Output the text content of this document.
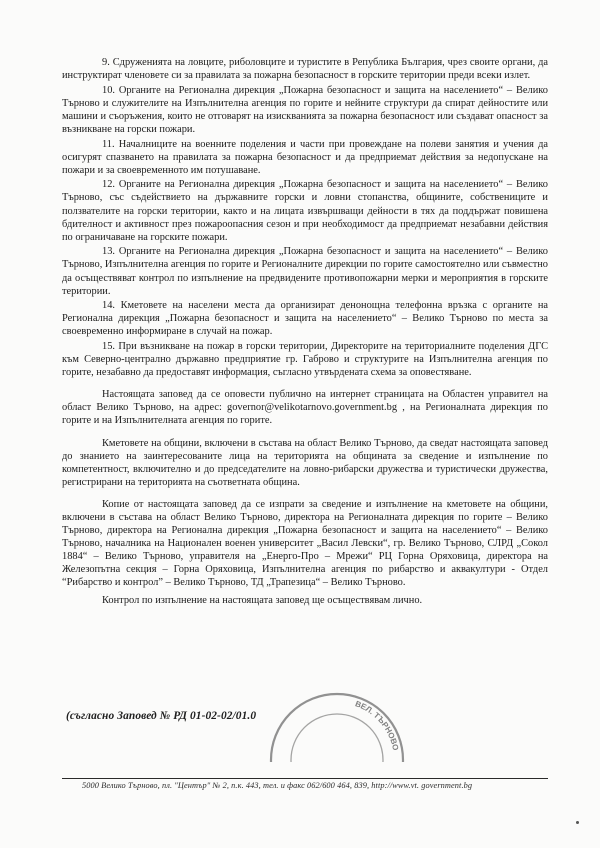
9. Сдруженията на ловците, риболовците и туристите в Република България, чрез своите органи, да инструктират членовете си за правилата за пожарна безопасност в горските територии преди всеки излет.

10. Органите на Регионална дирекция „Пожарна безопасност и защита на населението“ – Велико Търново и служителите на Изпълнителна агенция по горите и нейните структури да спират дейностите или машини и съоръжения, които не отговарят на изискванията за пожарна безопасност или създават опасност за възникване на горски пожари.

11. Началниците на военните поделения и части при провеждане на полеви занятия и учения да осигурят спазването на правилата за пожарна безопасност и да предприемат действия за недопускане на пожари и за своевременното им потушаване.

12. Органите на Регионална дирекция „Пожарна безопасност и защита на населението“ – Велико Търново, със съдействието на държавните горски и ловни стопанства, общините, собствениците и ползвателите на горски територии, както и на лицата извършващи дейности в тях да поддържат повишена бдителност и активност през пожароопасния сезон и при необходимост да предприемат незабавни действия по ограничаване на горските пожари.

13. Органите на Регионална дирекция „Пожарна безопасност и защита на населението“ – Велико Търново, Изпълнителна агенция по горите и Регионалните дирекции по горите самостоятелно или съвместно да осъществяват контрол по изпълнение на предвидените противопожарни мерки и мероприятия в горските територии.

14. Кметовете на населени места да организират денонощна телефонна връзка с органите на Регионална дирекция „Пожарна безопасност и защита на населението“ – Велико Търново по места за своевременно информиране в случай на пожар.

15. При възникване на пожар в горски територии, Директорите на териториалните поделения ДГС към Северно-централно държавно предприятие гр. Габрово и структурите на Изпълнителна агенция по горите, незабавно да предоставят информация, съгласно утвърдената схема за оповестяване.

Настоящата заповед да се оповести публично на интернет страницата на Областен управител на област Велико Търново, на адрес: governor@velikotarnovo.government.bg , на Регионалната дирекция по горите и на Изпълнителната агенция по горите.

Кметовете на общини, включени в състава на област Велико Търново, да сведат настоящата заповед до знанието на заинтересованите лица на територията на общината за сведение и изпълнение по компетентност, включително и до председателите на ловно-рибарски дружества и туристически дружества, регистрирани на територията на съответната община.

Копие от настоящата заповед да се изпрати за сведение и изпълнение на кметовете на общини, включени в състава на област Велико Търново, директора на Регионалната дирекция по горите – Велико Търново, директора на Регионална дирекция „Пожарна безопасност и защита на населението“ – Велико Търново, началника на Национален военен университет „Васил Левски“, гр. Велико Търново, СЛРД „Сокол 1884“ – Велико Търново, управителя на „Енерго-Про – Мрежи“ РЦ Горна Оряховица, директора на Железопътна секция – Горна Оряховица, Изпълнителна агенция по рибарство и аквакултури - Отдел “Рибарство и контрол” – Велико Търново, ТД „Трапезица“ – Велико Търново.

Контрол по изпълнение на настоящата заповед ще осъществявам лично.

ВЕЛ. ТЪРНОВО
(съгласно Заповед № РД 01-02-02/01.0
5000 Велико Търново, пл. "Център" № 2, п.к. 443, тел. и факс 062/600 464, 839, http://www.vt. government.bg
